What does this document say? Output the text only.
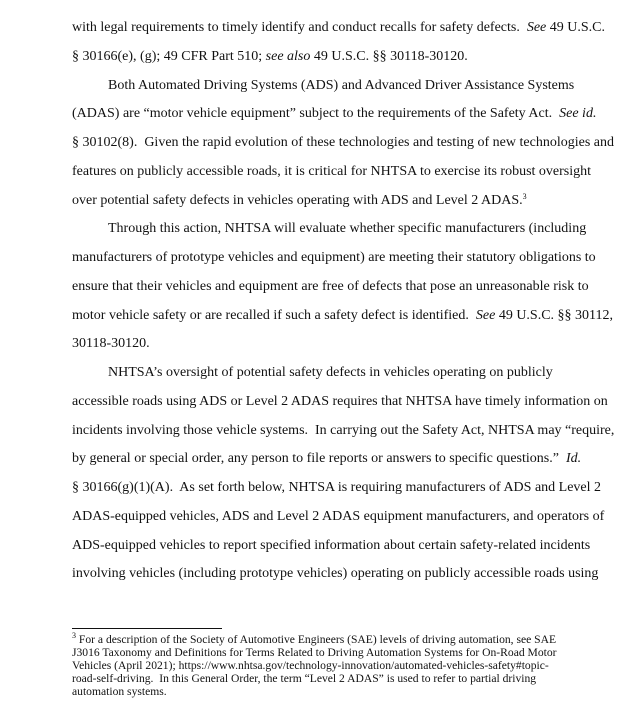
with legal requirements to timely identify and conduct recalls for safety defects.  See 49 U.S.C.
§ 30166(e), (g); 49 CFR Part 510; see also 49 U.S.C. §§ 30118-30120.
Both Automated Driving Systems (ADS) and Advanced Driver Assistance Systems
(ADAS) are “motor vehicle equipment” subject to the requirements of the Safety Act.  See id.
§ 30102(8).  Given the rapid evolution of these technologies and testing of new technologies and
features on publicly accessible roads, it is critical for NHTSA to exercise its robust oversight
over potential safety defects in vehicles operating with ADS and Level 2 ADAS.$^3$
Through this action, NHTSA will evaluate whether specific manufacturers (including
manufacturers of prototype vehicles and equipment) are meeting their statutory obligations to
ensure that their vehicles and equipment are free of defects that pose an unreasonable risk to
motor vehicle safety or are recalled if such a safety defect is identified.  See 49 U.S.C. §§ 30112,
30118-30120.
NHTSA’s oversight of potential safety defects in vehicles operating on publicly
accessible roads using ADS or Level 2 ADAS requires that NHTSA have timely information on
incidents involving those vehicle systems.  In carrying out the Safety Act, NHTSA may “require,
by general or special order, any person to file reports or answers to specific questions.”  Id.
§ 30166(g)(1)(A).  As set forth below, NHTSA is requiring manufacturers of ADS and Level 2
ADAS-equipped vehicles, ADS and Level 2 ADAS equipment manufacturers, and operators of
ADS-equipped vehicles to report specified information about certain safety-related incidents
involving vehicles (including prototype vehicles) operating on publicly accessible roads using
$^3$ For a description of the Society of Automotive Engineers (SAE) levels of driving automation, see SAE
J3016 Taxonomy and Definitions for Terms Related to Driving Automation Systems for On-Road Motor
Vehicles (April 2021); https://www.nhtsa.gov/technology-innovation/automated-vehicles-safety#topic-
road-self-driving.  In this General Order, the term “Level 2 ADAS” is used to refer to partial driving
automation systems.
